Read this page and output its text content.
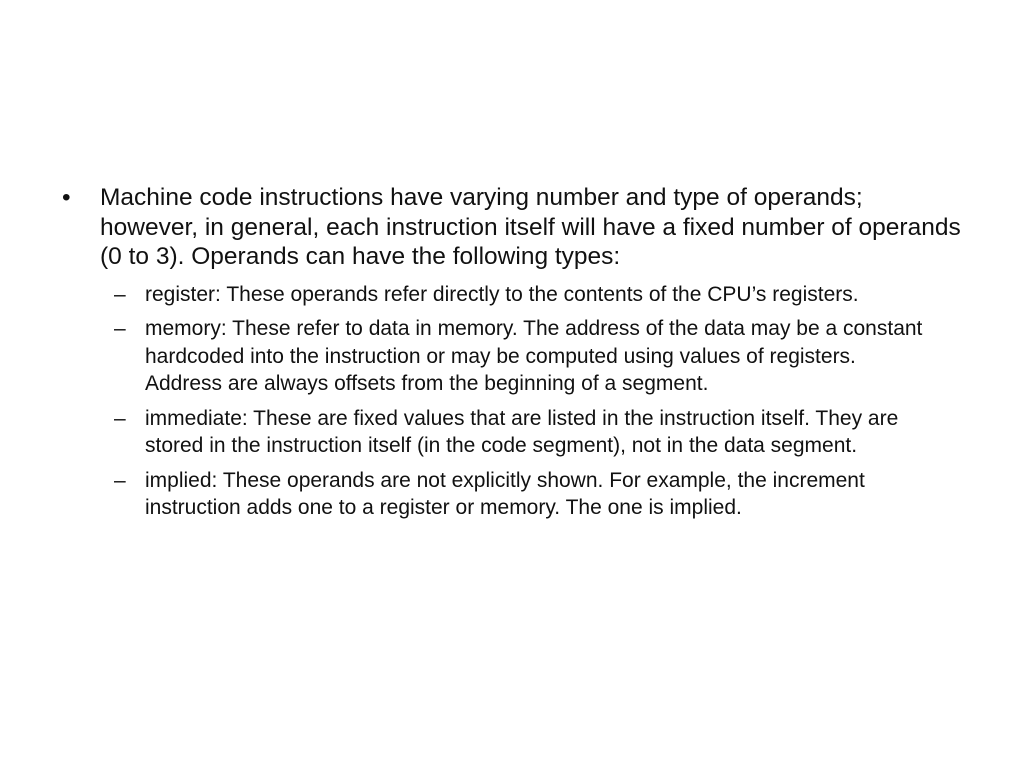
• Machine code instructions have varying number and type of operands; however, in general, each instruction itself will have a fixed number of operands (0 to 3). Operands can have the following types:
– register: These operands refer directly to the contents of the CPU’s registers.
– memory: These refer to data in memory. The address of the data may be a constant hardcoded into the instruction or may be computed using values of registers. Address are always offsets from the beginning of a segment.
– immediate: These are fixed values that are listed in the instruction itself. They are stored in the instruction itself (in the code segment), not in the data segment.
– implied: These operands are not explicitly shown. For example, the increment instruction adds one to a register or memory. The one is implied.
